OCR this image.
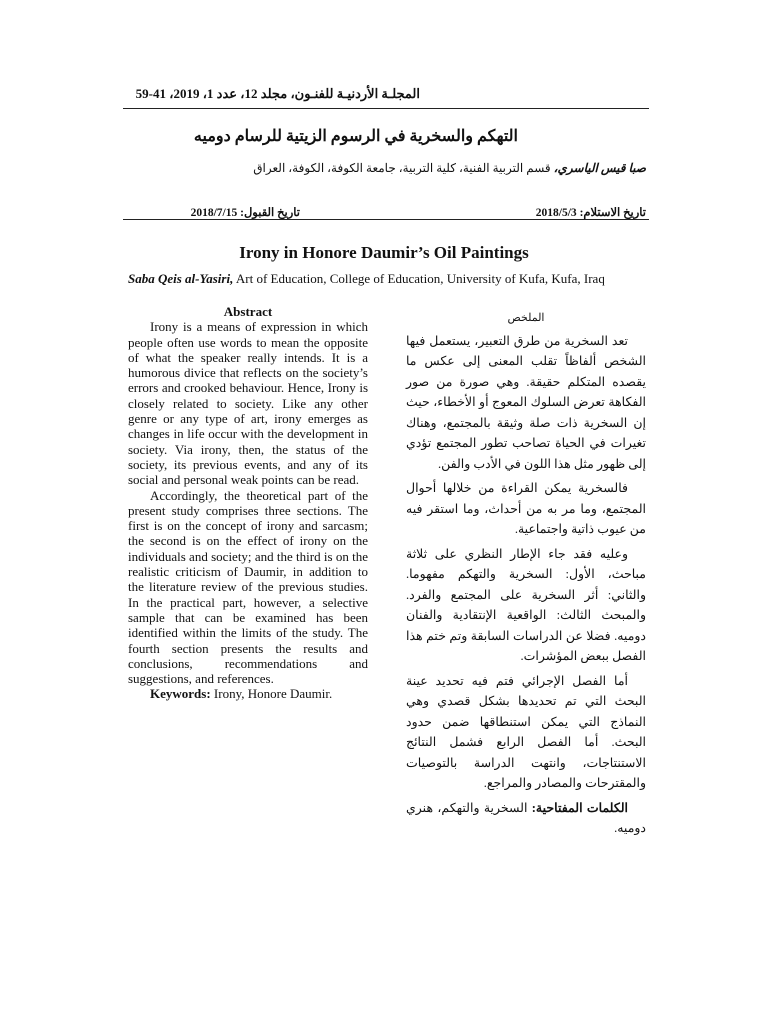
المجلـة الأردنيـة للفنـون، مجلد 12، عدد 1، 2019، 41-59
التهكم والسخرية في الرسوم الزيتية للرسام دوميه
صبا قيس الياسري، قسم التربية الفنية، كلية التربية، جامعة الكوفة، الكوفة، العراق
تاريخ الاستلام: 2018/5/3
تاريخ القبول: 2018/7/15
Irony in Honore Daumir’s Oil Paintings
Saba Qeis al-Yasiri, Art of Education, College of Education, University of Kufa, Kufa, Iraq
Abstract

Irony is a means of expression in which people often use words to mean the opposite of what the speaker really intends. It is a humorous divice that reflects on the society’s errors and crooked behaviour. Hence, Irony is closely related to society. Like any other genre or any type of art, irony emerges as changes in life occur with the development in society. Via irony, then, the status of the society, its previous events, and any of its social and personal weak points can be read.

Accordingly, the theoretical part of the present study comprises three sections. The first is on the concept of irony and sarcasm; the second is on the effect of irony on the individuals and society; and the third is on the realistic criticism of Daumir, in addition to the literature review of the previous studies. In the practical part, however, a selective sample that can be examined has been identified within the limits of the study. The fourth section presents the results and conclusions, recommendations and suggestions, and references.

Keywords: Irony, Honore Daumir.

الملخص

تعد السخرية من طرق التعبير، يستعمل فيها الشخص ألفاظاً تقلب المعنى إلى عكس ما يقصده المتكلم حقيقة. وهي صورة من صور الفكاهة تعرض السلوك المعوج أو الأخطاء، حيث إن السخرية ذات صلة وثيقة بالمجتمع، وهناك تغيرات في الحياة تصاحب تطور المجتمع تؤدي إلى ظهور مثل هذا اللون في الأدب والفن.

فالسخرية يمكن القراءة من خلالها أحوال المجتمع، وما مر به من أحداث، وما استقر فيه من عيوب ذاتية واجتماعية.

وعليه فقد جاء الإطار النظري على ثلاثة مباحث، الأول: السخرية والتهكم مفهوما. والثاني: أثر السخرية على المجتمع والفرد. والمبحث الثالث: الواقعية الإنتقادية والفنان دوميه. فضلا عن الدراسات السابقة وتم ختم هذا الفصل ببعض المؤشرات.

أما الفصل الإجرائي فتم فيه تحديد عينة البحث التي تم تحديدها بشكل قصدي وهي النماذج التي يمكن استنطاقها ضمن حدود البحث. أما الفصل الرابع فشمل النتائج الاستنتاجات، وانتهت الدراسة بالتوصيات والمقترحات والمصادر والمراجع.

الكلمات المفتاحية: السخرية والتهكم، هنري دوميه.
